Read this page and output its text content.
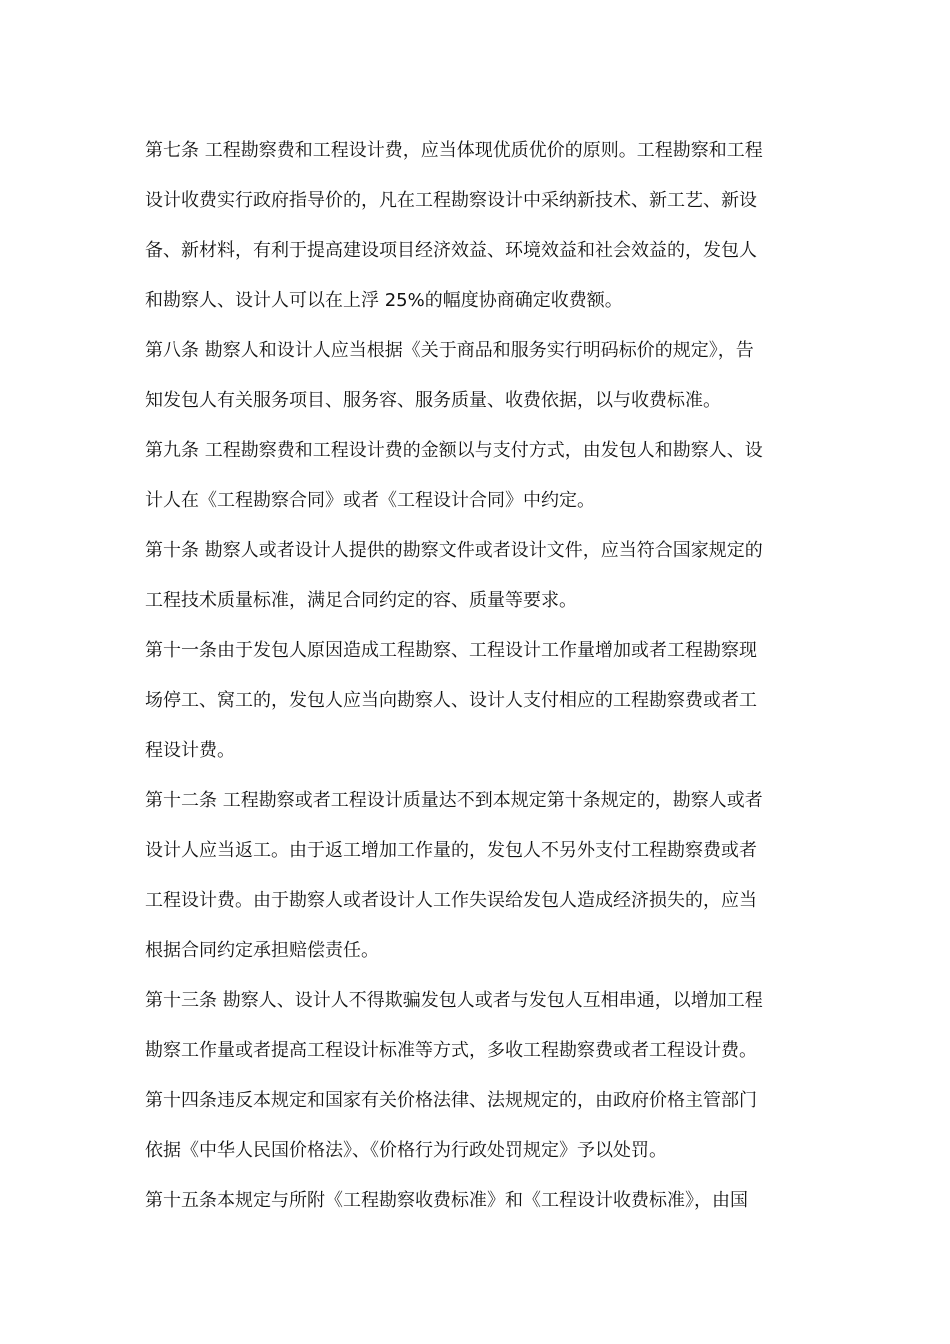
第七条 工程勘察费和工程设计费，应当体现优质优价的原则。工程勘察和工程
设计收费实行政府指导价的，凡在工程勘察设计中采纳新技术、新工艺、新设
备、新材料，有利于提高建设项目经济效益、环境效益和社会效益的，发包人
和勘察人、设计人可以在上浮 25%的幅度协商确定收费额。
第八条 勘察人和设计人应当根据《关于商品和服务实行明码标价的规定》，告
知发包人有关服务项目、服务容、服务质量、收费依据，以与收费标准。
第九条 工程勘察费和工程设计费的金额以与支付方式，由发包人和勘察人、设
计人在《工程勘察合同》或者《工程设计合同》中约定。
第十条 勘察人或者设计人提供的勘察文件或者设计文件，应当符合国家规定的
工程技术质量标准，满足合同约定的容、质量等要求。
第十一条由于发包人原因造成工程勘察、工程设计工作量增加或者工程勘察现
场停工、窝工的，发包人应当向勘察人、设计人支付相应的工程勘察费或者工
程设计费。
第十二条 工程勘察或者工程设计质量达不到本规定第十条规定的，勘察人或者
设计人应当返工。由于返工增加工作量的，发包人不另外支付工程勘察费或者
工程设计费。由于勘察人或者设计人工作失误给发包人造成经济损失的，应当
根据合同约定承担赔偿责任。
第十三条 勘察人、设计人不得欺骗发包人或者与发包人互相串通，以增加工程
勘察工作量或者提高工程设计标准等方式，多收工程勘察费或者工程设计费。
第十四条违反本规定和国家有关价格法律、法规规定的，由政府价格主管部门
依据《中华人民国价格法》、《价格行为行政处罚规定》予以处罚。
第十五条本规定与所附《工程勘察收费标准》和《工程设计收费标准》，由国
